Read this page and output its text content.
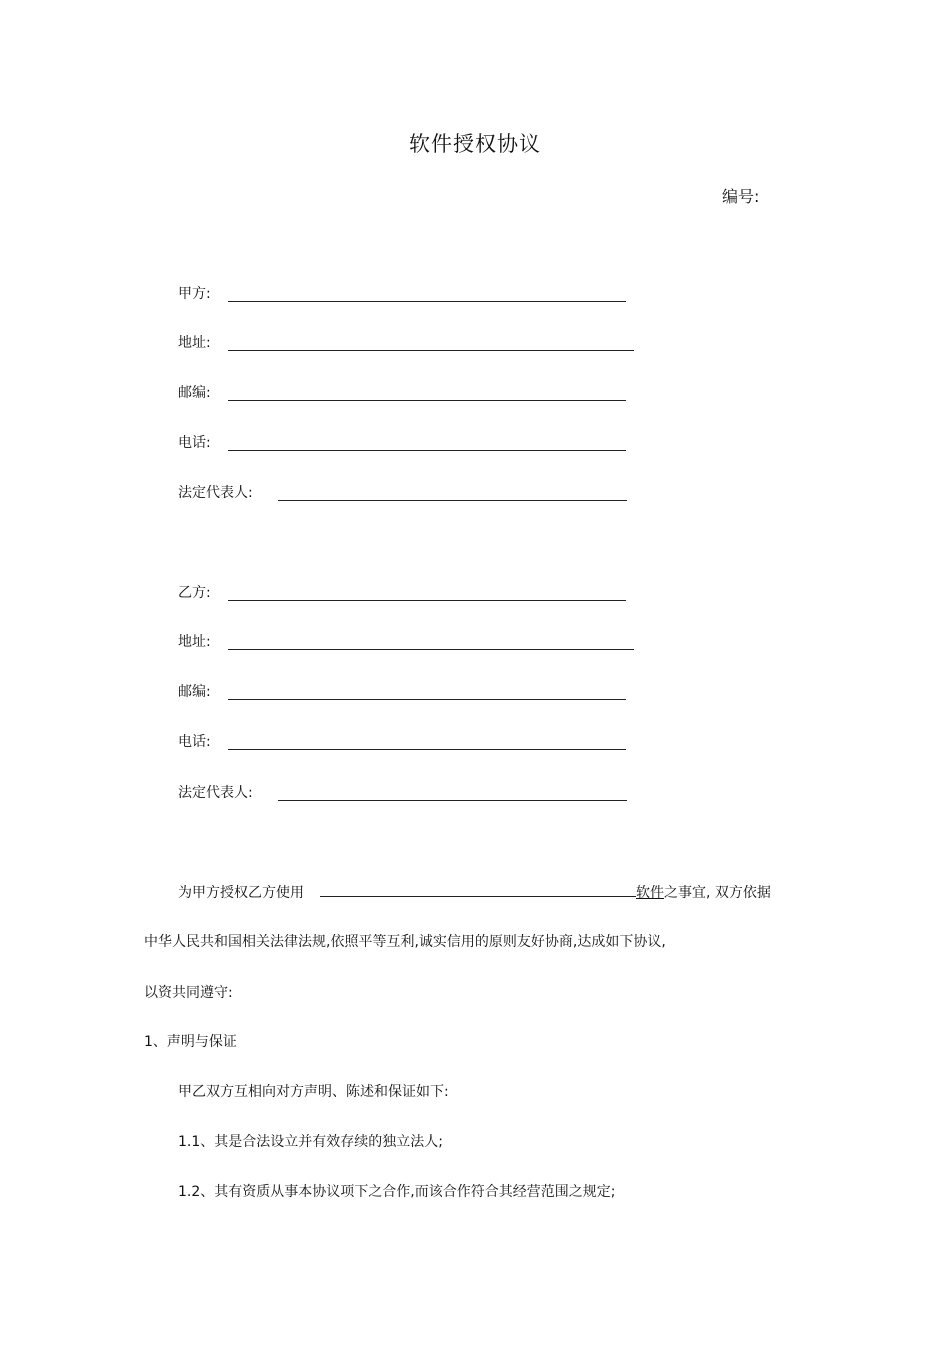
软件授权协议
编号:
甲方:
地址:
邮编:
电话:
法定代表人:
乙方:
地址:
邮编:
电话:
法定代表人:
为甲方授权乙方使用	软件之事宜, 双方依据
中华人民共和国相关法律法规,依照平等互利,诚实信用的原则友好协商,达成如下协议,
以资共同遵守:
1、声明与保证
甲乙双方互相向对方声明、陈述和保证如下:
1.1、其是合法设立并有效存续的独立法人;
1.2、其有资质从事本协议项下之合作,而该合作符合其经营范围之规定;
